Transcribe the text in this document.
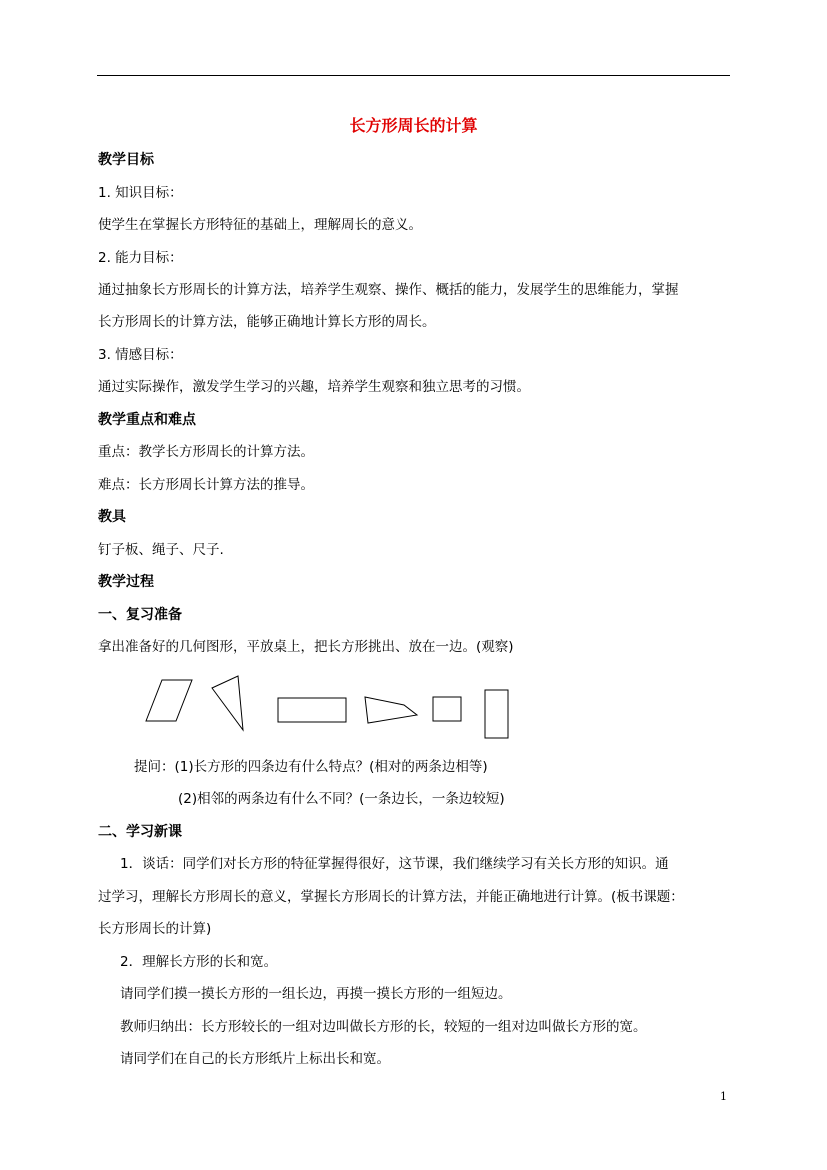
长方形周长的计算
教学目标
1. 知识目标：
使学生在掌握长方形特征的基础上，理解周长的意义。
2. 能力目标：
通过抽象长方形周长的计算方法，培养学生观察、操作、概括的能力，发展学生的思维能力，掌握
长方形周长的计算方法，能够正确地计算长方形的周长。
3. 情感目标：
通过实际操作，激发学生学习的兴趣，培养学生观察和独立思考的习惯。
教学重点和难点
重点：教学长方形周长的计算方法。
难点：长方形周长计算方法的推导。
教具
钉子板、绳子、尺子.
教学过程
一、复习准备
拿出准备好的几何图形，平放桌上，把长方形挑出、放在一边。(观察)
提问：(1)长方形的四条边有什么特点？(相对的两条边相等)
(2)相邻的两条边有什么不同？(一条边长，一条边较短)
二、学习新课
1．谈话：同学们对长方形的特征掌握得很好，这节课，我们继续学习有关长方形的知识。通
过学习，理解长方形周长的意义，掌握长方形周长的计算方法，并能正确地进行计算。(板书课题：
长方形周长的计算)
2．理解长方形的长和宽。
请同学们摸一摸长方形的一组长边，再摸一摸长方形的一组短边。
教师归纳出：长方形较长的一组对边叫做长方形的长，较短的一组对边叫做长方形的宽。
请同学们在自己的长方形纸片上标出长和宽。
1
